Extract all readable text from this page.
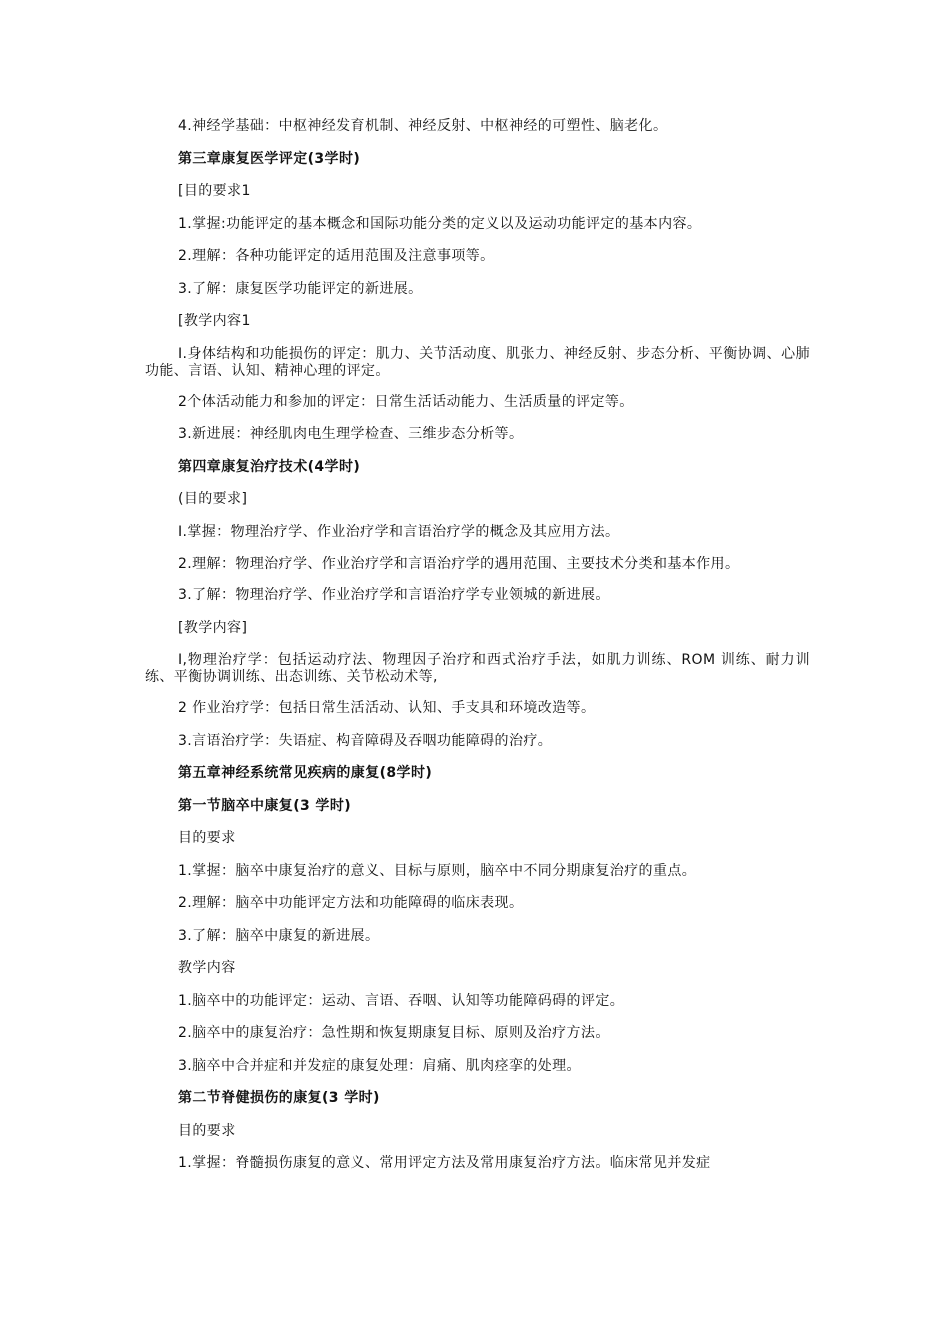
4.神经学基础：中枢神经发育机制、神经反射、中枢神经的可塑性、脑老化。

第三章康复医学评定(3学时)

[目的要求1

1.掌握:功能评定的基本概念和国际功能分类的定义以及运动功能评定的基本内容。

2.理解：各种功能评定的适用范围及注意事项等。

3.了解：康复医学功能评定的新进展。

[教学内容1

I.身体结构和功能损伤的评定：肌力、关节活动度、肌张力、神经反射、步态分析、平衡协调、心肺功能、言语、认知、精神心理的评定。

2个体活动能力和参加的评定：日常生活话动能力、生活质量的评定等。

3.新进展：神经肌肉电生理学检查、三维步态分析等。

第四章康复治疗技术(4学时)

(目的要求]

I.掌握：物理治疗学、作业治疗学和言语治疗学的概念及其应用方法。

2.理解：物理治疗学、作业治疗学和言语治疗学的遇用范围、主要技术分类和基本作用。

3.了解：物理治疗学、作业治疗学和言语治疗学专业领城的新进展。

[教学内容]

I,物理治疗学：包括运动疗法、物理因子治疗和西式治疗手法，如肌力训练、ROM 训练、耐力训练、平衡协调训练、出态训练、关节松动术等,

2 作业治疗学：包括日常生活活动、认知、手支具和环境改造等。

3.言语治疗学：失语症、构音障碍及吞咽功能障碍的治疗。

第五章神经系统常见疾病的康复(8学时)

第一节脑卒中康复(3 学时)

目的要求

1.掌握：脑卒中康复治疗的意义、目标与原则，脑卒中不同分期康复治疗的重点。

2.理解：脑卒中功能评定方法和功能障碍的临床表现。

3.了解：脑卒中康复的新进展。

教学内容

1.脑卒中的功能评定：运动、言语、吞咽、认知等功能障码碍的评定。

2.脑卒中的康复治疗：急性期和恢复期康复目标、原则及治疗方法。

3.脑卒中合并症和并发症的康复处理：肩痛、肌肉痉挛的处理。

第二节脊健损伤的康复(3 学时)

目的要求

1.掌握：脊髓损伤康复的意义、常用评定方法及常用康复治疗方法。临床常见并发症
